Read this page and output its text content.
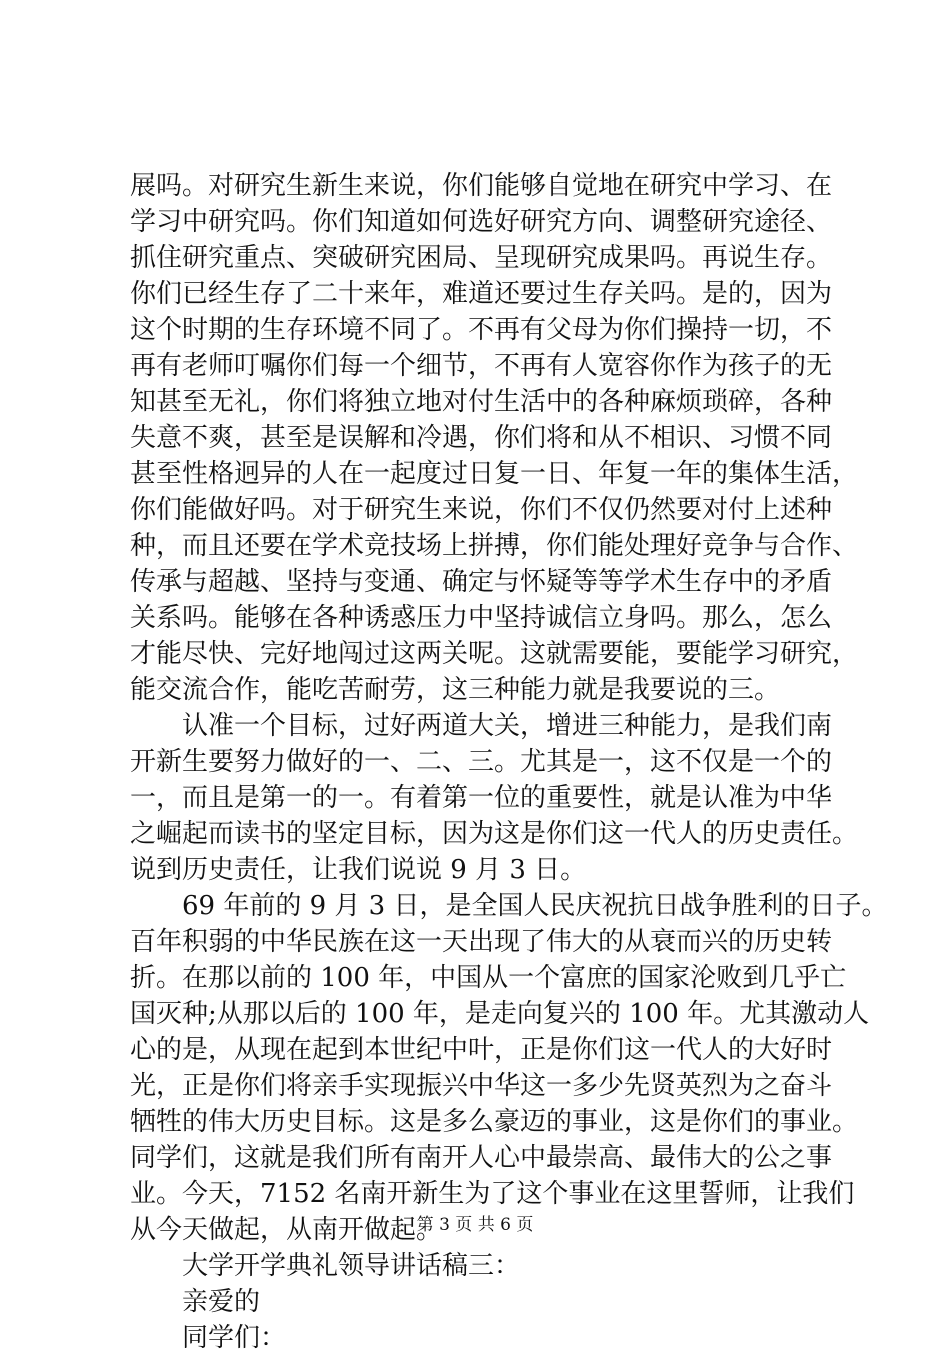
展吗。对研究生新生来说，你们能够自觉地在研究中学习、在
学习中研究吗。你们知道如何选好研究方向、调整研究途径、
抓住研究重点、突破研究困局、呈现研究成果吗。再说生存。
你们已经生存了二十来年，难道还要过生存关吗。是的，因为
这个时期的生存环境不同了。不再有父母为你们操持一切，不
再有老师叮嘱你们每一个细节，不再有人宽容你作为孩子的无
知甚至无礼，你们将独立地对付生活中的各种麻烦琐碎，各种
失意不爽，甚至是误解和冷遇，你们将和从不相识、习惯不同
甚至性格迥异的人在一起度过日复一日、年复一年的集体生活，
你们能做好吗。对于研究生来说，你们不仅仍然要对付上述种
种，而且还要在学术竞技场上拼搏，你们能处理好竞争与合作、
传承与超越、坚持与变通、确定与怀疑等等学术生存中的矛盾
关系吗。能够在各种诱惑压力中坚持诚信立身吗。那么，怎么
才能尽快、完好地闯过这两关呢。这就需要能，要能学习研究，
能交流合作，能吃苦耐劳，这三种能力就是我要说的三。
认准一个目标，过好两道大关，增进三种能力，是我们南
开新生要努力做好的一、二、三。尤其是一，这不仅是一个的
一，而且是第一的一。有着第一位的重要性，就是认准为中华
之崛起而读书的坚定目标，因为这是你们这一代人的历史责任。
说到历史责任，让我们说说 9 月 3 日。
69 年前的 9 月 3 日，是全国人民庆祝抗日战争胜利的日子。
百年积弱的中华民族在这一天出现了伟大的从衰而兴的历史转
折。在那以前的 100 年，中国从一个富庶的国家沦败到几乎亡
国灭种;从那以后的 100 年，是走向复兴的 100 年。尤其激动人
心的是，从现在起到本世纪中叶，正是你们这一代人的大好时
光，正是你们将亲手实现振兴中华这一多少先贤英烈为之奋斗
牺牲的伟大历史目标。这是多么豪迈的事业，这是你们的事业。
同学们，这就是我们所有南开人心中最崇高、最伟大的公之事
业。今天，7152 名南开新生为了这个事业在这里誓师，让我们
从今天做起，从南开做起。
大学开学典礼领导讲话稿三：
亲爱的
同学们：
第 3 页 共 6 页
